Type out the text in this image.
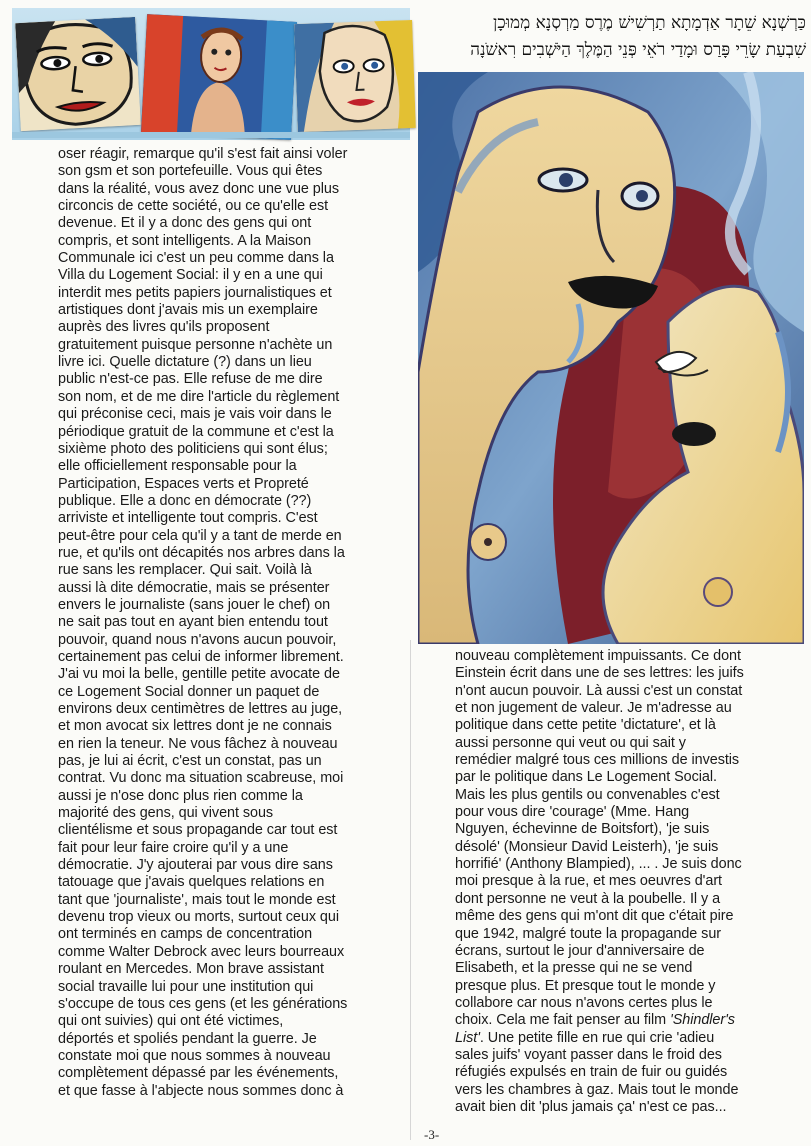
כַּרְשְׁנָא שֵׁתָר אַדְמָתָא תַרְשִׁישׁ מֶרֶס מַרְסְנָא מְמוּכָן
שִׁבְעַת שָׂרֵי פָּרַס וּמָדַי רֹאֵי פְּנֵי הַמֶּלֶךְ הַיֹּשְׁבִים רִאשֹׁנָה

oser réagir, remarque qu'il s'est fait ainsi voler

son gsm et son portefeuille. Vous qui êtes

dans la réalité, vous avez donc une vue plus

circoncis de cette société, ou ce qu'elle est

devenue. Et il y a donc des gens qui ont

compris, et sont intelligents. A la Maison

Communale ici c'est un peu comme dans la

Villa du Logement Social: il y en a une qui

interdit mes petits papiers journalistiques et

artistiques dont j'avais mis un exemplaire

auprès des livres qu'ils proposent

gratuitement puisque personne n'achète un

livre ici. Quelle dictature (?) dans un lieu

public n'est-ce pas. Elle refuse de me dire

son nom, et de me dire l'article du règlement

qui préconise ceci, mais je vais voir dans le

périodique gratuit de la commune et c'est la

sixième photo des politiciens qui sont élus;

elle officiellement responsable pour la

Participation, Espaces verts et Propreté

publique. Elle a donc en démocrate (??)

arriviste et intelligente tout compris. C'est

peut-être pour cela qu'il y a tant de merde en

rue, et qu'ils ont décapités nos arbres dans la

rue sans les remplacer. Qui sait. Voilà là

aussi là dite démocratie, mais se présenter

envers le journaliste (sans jouer le chef) on

ne sait pas tout en ayant bien entendu tout

pouvoir, quand nous n'avons aucun pouvoir,

certainement pas celui de informer librement.

J'ai vu moi la belle, gentille petite avocate de

ce Logement Social donner un paquet de

environs deux centimètres de lettres au juge,

et mon avocat six lettres dont je ne connais

en rien la teneur. Ne vous fâchez à nouveau

pas, je lui ai écrit, c'est un constat, pas un

contrat. Vu donc ma situation scabreuse, moi

aussi je n'ose donc plus rien comme la

majorité des gens, qui vivent sous

clientélisme et sous propagande car tout est

fait pour leur faire croire qu'il y a une

démocratie. J'y ajouterai par vous dire sans

tatouage que j'avais quelques relations en

tant que 'journaliste', mais tout le monde est

devenu trop vieux ou morts, surtout ceux qui

ont terminés en camps de concentration

comme Walter Debrock avec leurs bourreaux

roulant en Mercedes. Mon brave assistant

social travaille lui pour une institution qui

s'occupe de tous ces gens (et les générations

qui ont suivies) qui ont été victimes,

déportés et spoliés pendant la guerre. Je

constate moi que nous sommes à nouveau

complètement dépassé par les événements,

et que fasse à l'abjecte nous sommes donc à

nouveau complètement impuissants. Ce dont

Einstein écrit dans une de ses lettres: les juifs

n'ont aucun pouvoir. Là aussi c'est un constat

et non jugement de valeur. Je m'adresse au

politique dans cette petite 'dictature', et là

aussi personne qui veut ou qui sait y

remédier malgré tous ces millions de investis

par le politique dans Le Logement Social.

Mais les plus gentils ou convenables c'est

pour vous dire 'courage' (Mme. Hang

Nguyen, échevinne de Boitsfort), 'je suis

désolé' (Monsieur David Leisterh), 'je suis

horrifié' (Anthony Blampied), ... . Je suis donc

moi presque à la rue, et mes oeuvres d'art

dont personne ne veut à la poubelle. Il y a

même des gens qui m'ont dit que c'était pire

que 1942, malgré toute la propagande sur

écrans, surtout le jour d'anniversaire de

Elisabeth, et la presse qui ne se vend

presque plus. Et presque tout le monde y

collabore car nous n'avons certes plus le

choix. Cela me fait penser au film 'Shindler's

List'. Une petite fille en rue qui crie 'adieu

sales juifs' voyant passer dans le froid des

réfugiés expulsés en train de fuir ou guidés

vers les chambres à gaz. Mais tout le monde

avait bien dit 'plus jamais ça' n'est ce pas...

-3-
